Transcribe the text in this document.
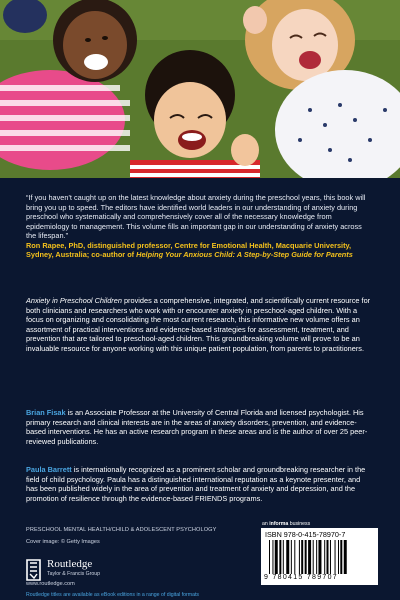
“If you haven't caught up on the latest knowledge about anxiety during the preschool years, this book will bring you up to speed. The editors have identified world leaders in our understanding of anxiety during preschool who systematically and comprehensively cover all of the necessary knowledge from epidemiology to management. This volume fills an important gap in our understanding of anxiety across the lifespan.”
Ron Rapee, PhD, distinguished professor, Centre for Emotional Health, Macquarie University, Sydney, Australia; co-author of Helping Your Anxious Child: A Step-by-Step Guide for Parents
Anxiety in Preschool Children provides a comprehensive, integrated, and scientifically current resource for both clinicians and researchers who work with or encounter anxiety in preschool-aged children. With a focus on organizing and consolidating the most current research, this informative new volume offers an assortment of practical interventions and evidence-based strategies for assessment, treatment, and prevention that are tailored to preschool-aged children. This groundbreaking volume will prove to be an invaluable resource for anyone working with this unique patient population, from parents to practitioners.
Brian Fisak is an Associate Professor at the University of Central Florida and licensed psychologist. His primary research and clinical interests are in the areas of anxiety disorders, prevention, and evidence-based interventions. He has an active research program in these areas and is the author of over 25 peer-reviewed publications.
Paula Barrett is internationally recognized as a prominent scholar and groundbreaking researcher in the field of child psychology. Paula has a distinguished international reputation as a keynote presenter, and has been published widely in the area of prevention and treatment of anxiety and depression, and the promotion of resilience through the evidence-based FRIENDS programs.
PRESCHOOL MENTAL HEALTH/CHILD & ADOLESCENT PSYCHOLOGY
Cover image: © Getty Images
Routledge
Taylor & Francis Group
www.routledge.com
Routledge titles are available as eBook editions in a range of digital formats
an informa business
ISBN 978-0-415-78970-7
9 780415 789707
